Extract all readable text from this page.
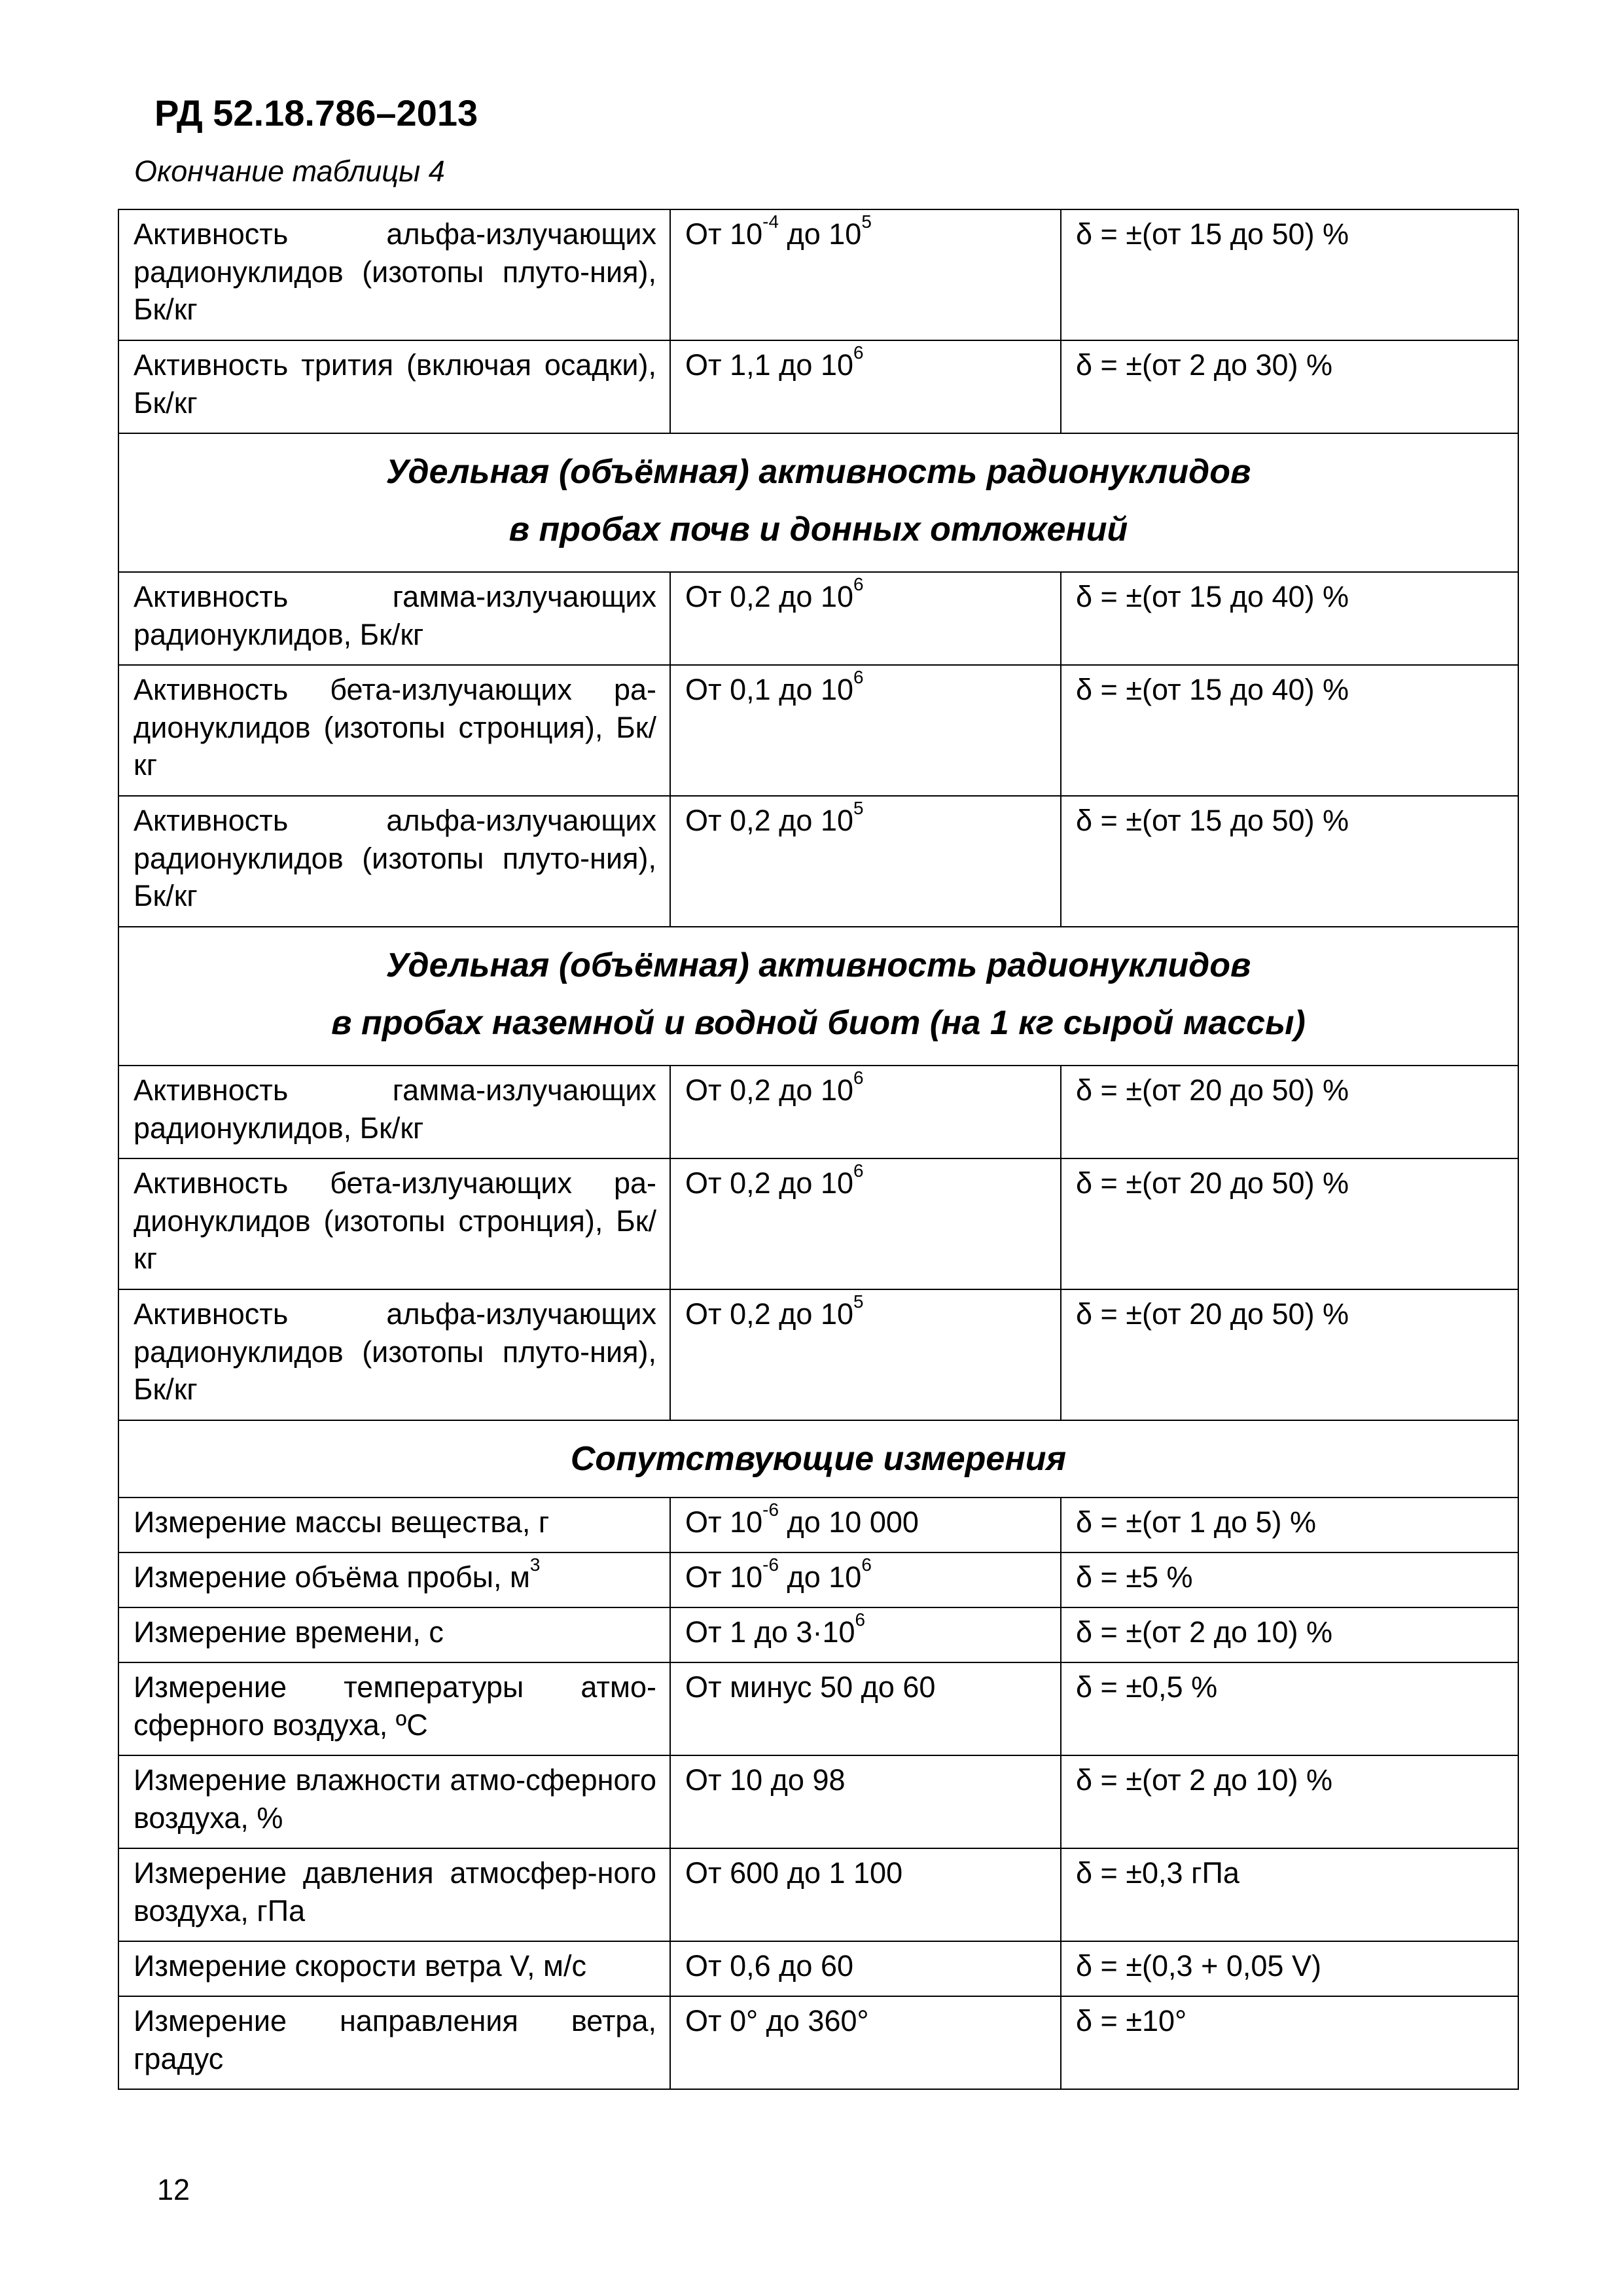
РД 52.18.786–2013
Окончание таблицы 4
Активность альфа-излучающих радионуклидов (изотопы плуто-ния), Бк/кг	От $10^{-4}$ до $10^5$	δ = ±(от 15 до 50) %
Активность трития (включая осадки), Бк/кг	От 1,1 до $10^6$	δ = ±(от 2 до 30) %

Удельная (объёмная) активность радионуклидов
в пробах почв и донных отложений		

Активность гамма-излучающих радионуклидов, Бк/кг	От 0,2 до $10^6$	δ = ±(от 15 до 40) %
Активность бета-излучающих ра-дионуклидов (изотопы стронция), Бк/кг	От 0,1 до $10^6$	δ = ±(от 15 до 40) %
Активность альфа-излучающих радионуклидов (изотопы плуто-ния), Бк/кг	От 0,2 до $10^5$	δ = ±(от 15 до 50) %

Удельная (объёмная) активность радионуклидов
в пробах наземной и водной биот (на 1 кг сырой массы)		

Активность гамма-излучающих радионуклидов, Бк/кг	От 0,2 до $10^6$	δ = ±(от 20 до 50) %
Активность бета-излучающих ра-дионуклидов (изотопы стронция), Бк/кг	От 0,2 до $10^6$	δ = ±(от 20 до 50) %
Активность альфа-излучающих радионуклидов (изотопы плуто-ния), Бк/кг	От 0,2 до $10^5$	δ = ±(от 20 до 50) %

Сопутствующие измерения		

Измерение массы вещества, г	От $10^{-6}$ до 10 000	δ = ±(от 1 до 5) %
Измерение объёма пробы, $м^3$	От $10^{-6}$ до $10^6$	δ = ±5 %
Измерение времени, с	От 1 до $3\cdot 10^6$	δ = ±(от 2 до 10) %
Измерение температуры атмо-сферного воздуха, ºС	От минус 50 до 60	δ = ±0,5 %
Измерение влажности атмо-сферного воздуха, %	От 10 до 98	δ = ±(от 2 до 10) %
Измерение давления атмосфер-ного воздуха, гПа	От 600 до 1 100	δ = ±0,3 гПа
Измерение скорости ветра V, м/с	От 0,6 до 60	δ = ±(0,3 + 0,05 V)
Измерение направления ветра, градус	От 0° до 360°	δ = ±10°
12
